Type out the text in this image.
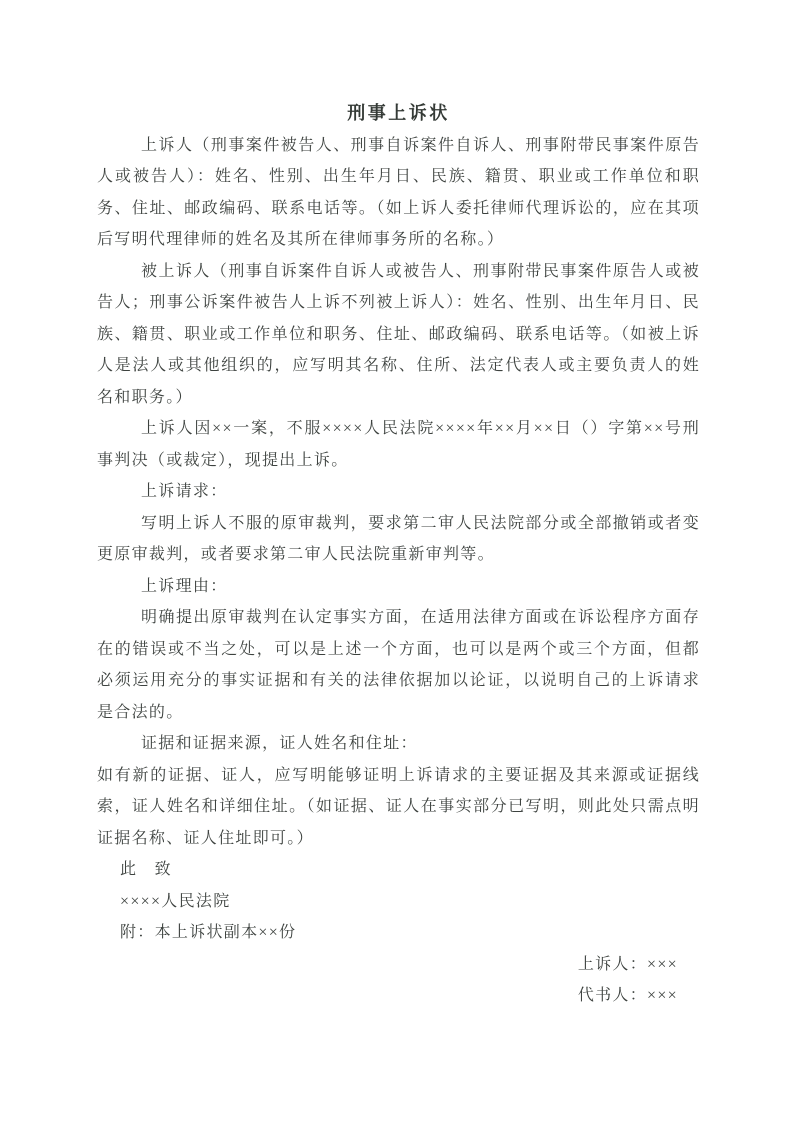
刑事上诉状
上诉人（刑事案件被告人、刑事自诉案件自诉人、刑事附带民事案件原告人或被告人）：姓名、性别、出生年月日、民族、籍贯、职业或工作单位和职务、住址、邮政编码、联系电话等。（如上诉人委托律师代理诉讼的，应在其项后写明代理律师的姓名及其所在律师事务所的名称。）
被上诉人（刑事自诉案件自诉人或被告人、刑事附带民事案件原告人或被告人；刑事公诉案件被告人上诉不列被上诉人）：姓名、性别、出生年月日、民族、籍贯、职业或工作单位和职务、住址、邮政编码、联系电话等。（如被上诉人是法人或其他组织的，应写明其名称、住所、法定代表人或主要负责人的姓名和职务。）
上诉人因××一案，不服××××人民法院××××年××月××日（）字第××号刑事判决（或裁定），现提出上诉。
上诉请求：
写明上诉人不服的原审裁判，要求第二审人民法院部分或全部撤销或者变更原审裁判，或者要求第二审人民法院重新审判等。
上诉理由：
明确提出原审裁判在认定事实方面，在适用法律方面或在诉讼程序方面存在的错误或不当之处，可以是上述一个方面，也可以是两个或三个方面，但都必须运用充分的事实证据和有关的法律依据加以论证，以说明自己的上诉请求是合法的。
证据和证据来源，证人姓名和住址：
如有新的证据、证人，应写明能够证明上诉请求的主要证据及其来源或证据线索，证人姓名和详细住址。（如证据、证人在事实部分已写明，则此处只需点明证据名称、证人住址即可。）
此　致
××××人民法院
附：本上诉状副本××份
上诉人：×××
代书人：×××
